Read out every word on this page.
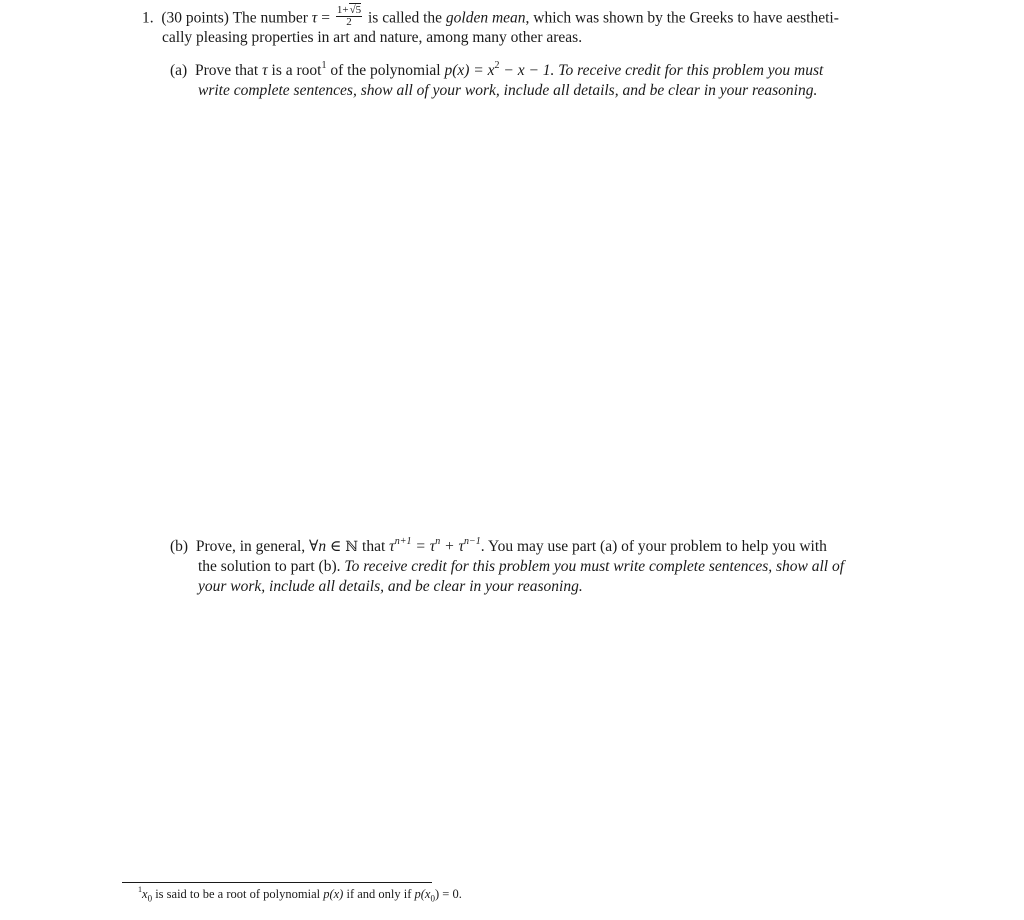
1. (30 points) The number $\tau = \frac{1+√5}{2}$ is called the golden mean, which was shown by the Greeks to have aestheti-
cally pleasing properties in art and nature, among many other areas.
(a) Prove that τ is a root$^1$ of the polynomial $p(x) = x^2 - x - 1$. To receive credit for this problem you must
write complete sentences, show all of your work, include all details, and be clear in your reasoning.
(b) Prove, in general, ∀n ∈ ℕ that $\tau^{n+1} = \tau^n + \tau^{n-1}$. You may use part (a) of your problem to help you with
the solution to part (b). To receive credit for this problem you must write complete sentences, show all of
your work, include all details, and be clear in your reasoning.
$^1x_0$ is said to be a root of polynomial p(x) if and only if $p(x_0) = 0$.
